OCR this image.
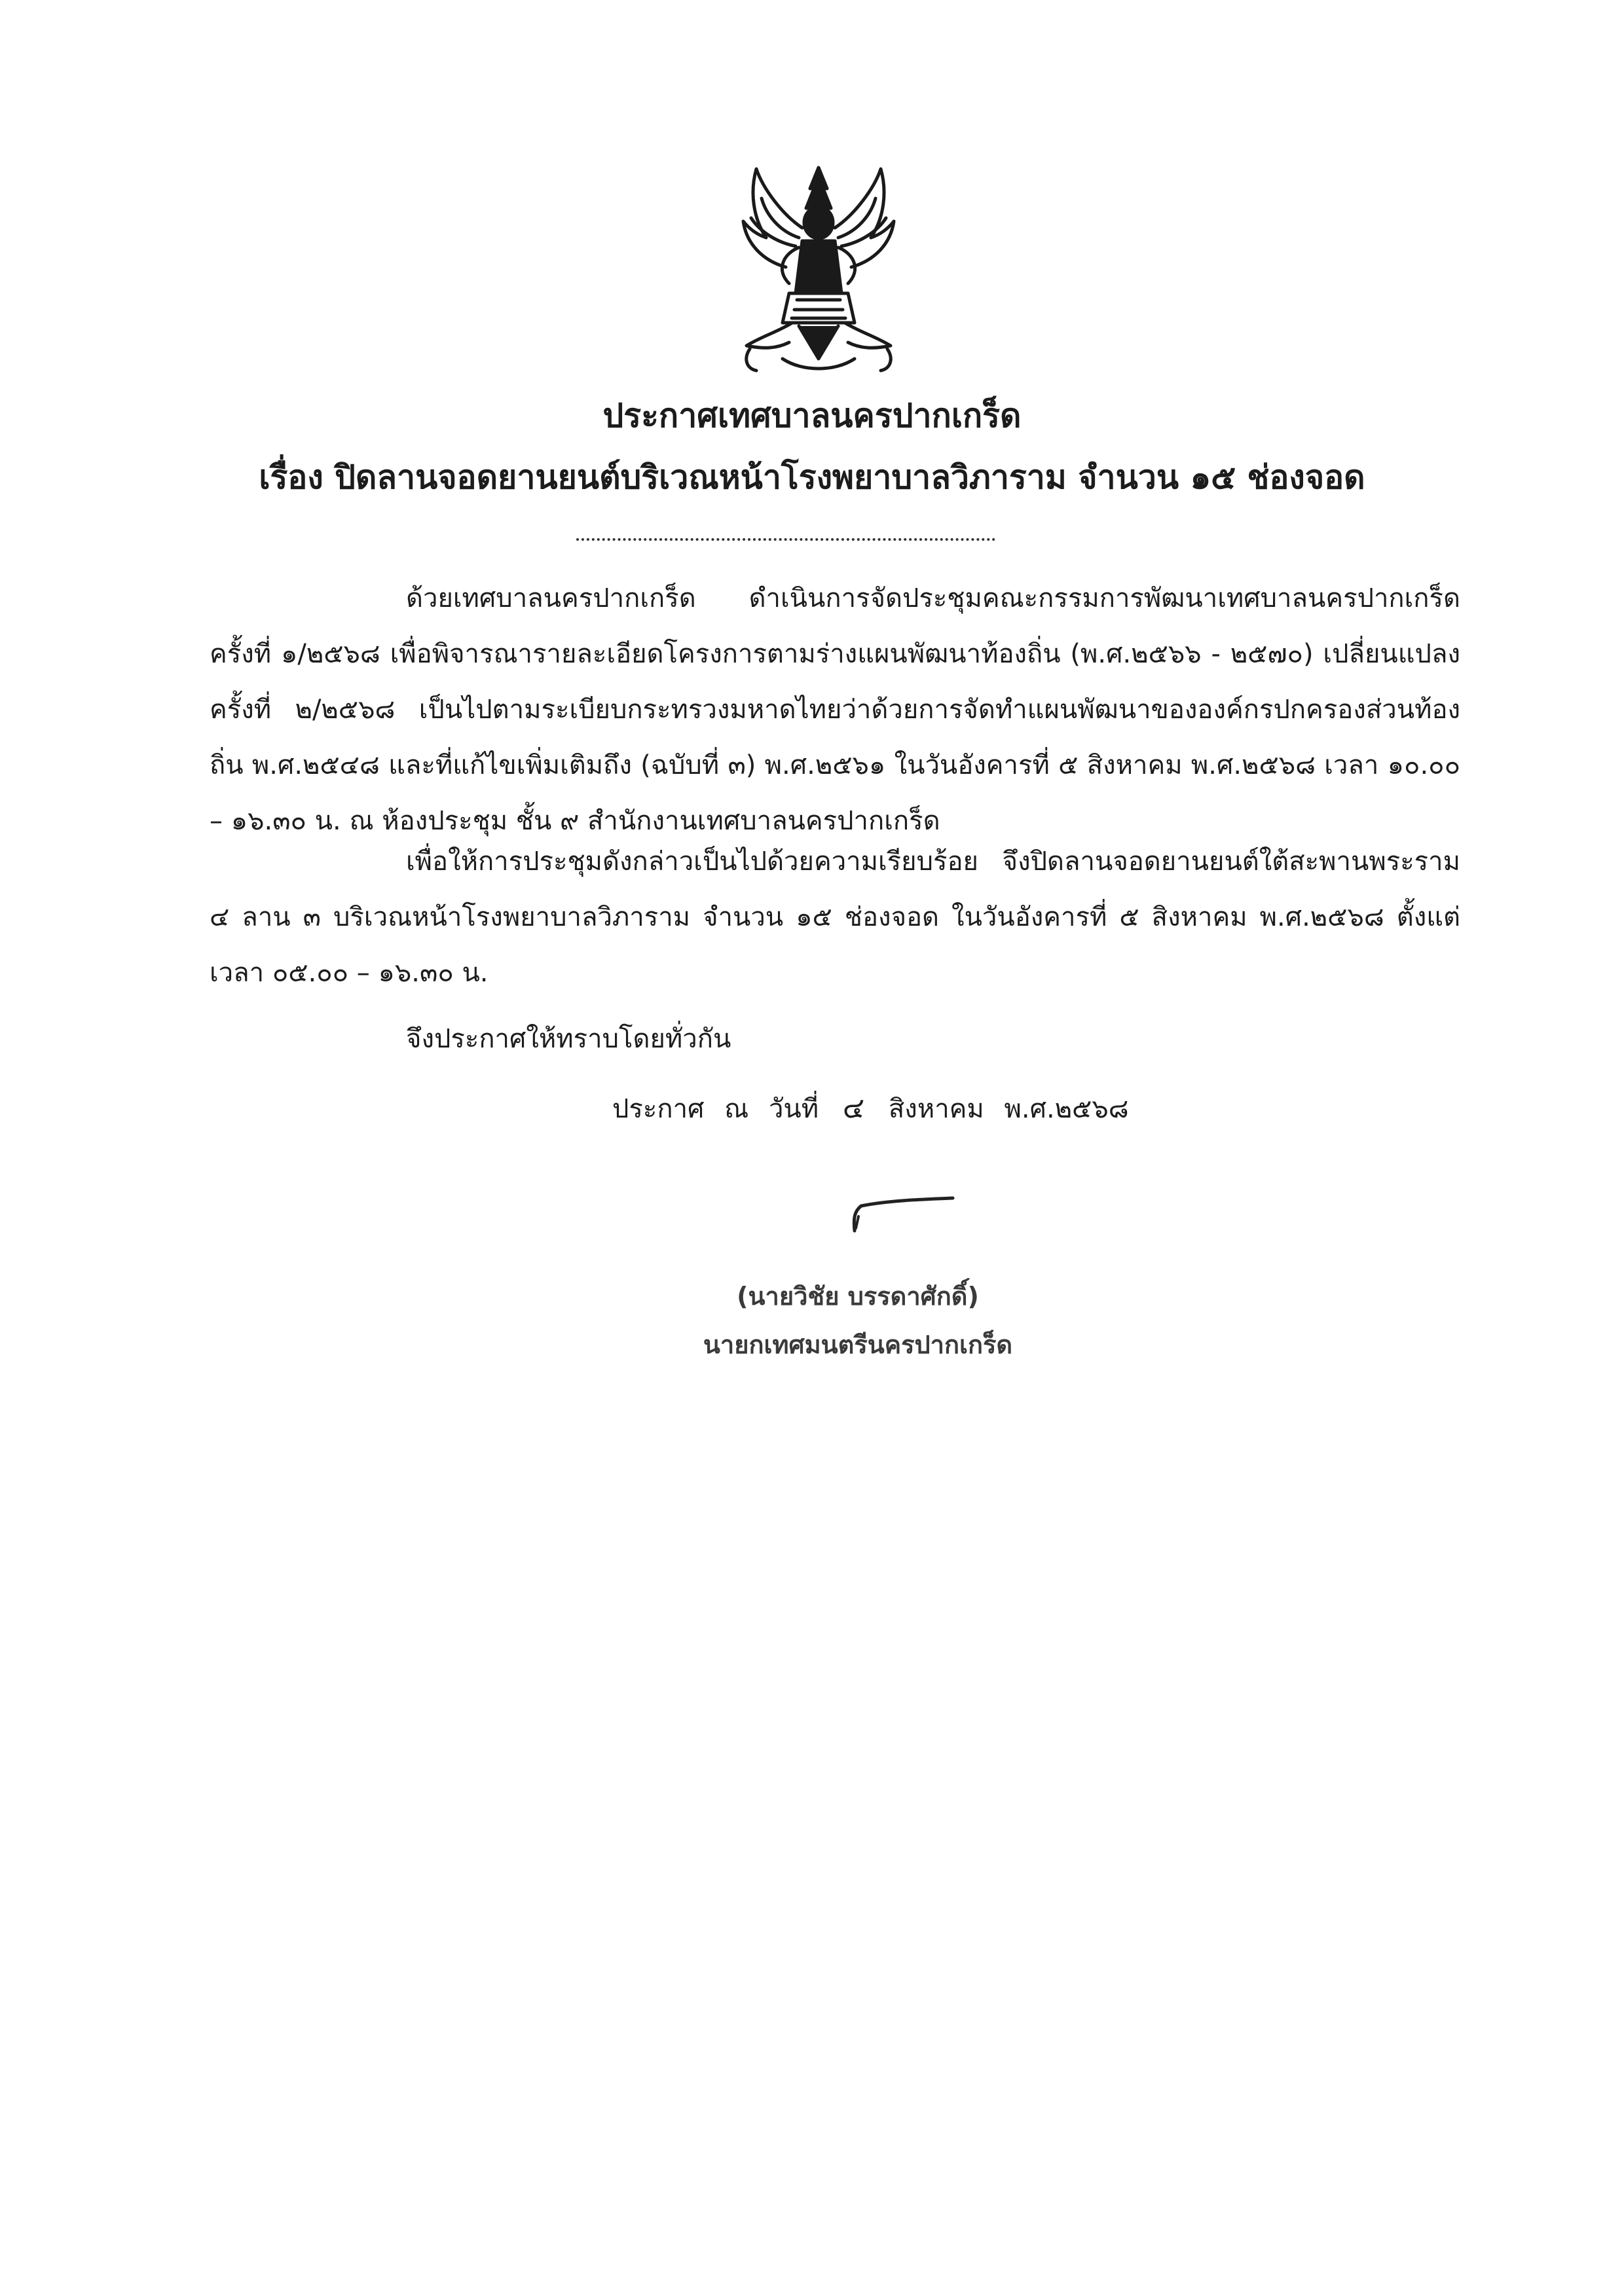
ประกาศเทศบาลนครปากเกร็ด
เรื่อง ปิดลานจอดยานยนต์บริเวณหน้าโรงพยาบาลวิภาราม จำนวน ๑๕ ช่องจอด

ด้วยเทศบาลนครปากเกร็ด ดำเนินการจัดประชุมคณะกรรมการพัฒนาเทศบาลนครปากเกร็ด ครั้งที่ ๑/๒๕๖๘ เพื่อพิจารณารายละเอียดโครงการตามร่างแผนพัฒนาท้องถิ่น (พ.ศ.๒๕๖๖ - ๒๕๗๐) เปลี่ยนแปลง ครั้งที่ ๒/๒๕๖๘ เป็นไปตามระเบียบกระทรวงมหาดไทยว่าด้วยการจัดทำแผนพัฒนาขององค์กรปกครองส่วนท้องถิ่น พ.ศ.๒๕๔๘ และที่แก้ไขเพิ่มเติมถึง (ฉบับที่ ๓) พ.ศ.๒๕๖๑ ในวันอังคารที่ ๕ สิงหาคม พ.ศ.๒๕๖๘ เวลา ๑๐.๐๐ – ๑๖.๓๐ น. ณ ห้องประชุม ชั้น ๙ สำนักงานเทศบาลนครปากเกร็ด

เพื่อให้การประชุมดังกล่าวเป็นไปด้วยความเรียบร้อย จึงปิดลานจอดยานยนต์ใต้สะพานพระราม ๔ ลาน ๓ บริเวณหน้าโรงพยาบาลวิภาราม จำนวน ๑๕ ช่องจอด ในวันอังคารที่ ๕ สิงหาคม พ.ศ.๒๕๖๘ ตั้งแต่เวลา ๐๕.๐๐ – ๑๖.๓๐ น.

จึงประกาศให้ทราบโดยทั่วกัน
ประกาศ ณ วันที่ ๔ สิงหาคม พ.ศ.๒๕๖๘
(นายวิชัย บรรดาศักดิ์)
นายกเทศมนตรีนครปากเกร็ด
